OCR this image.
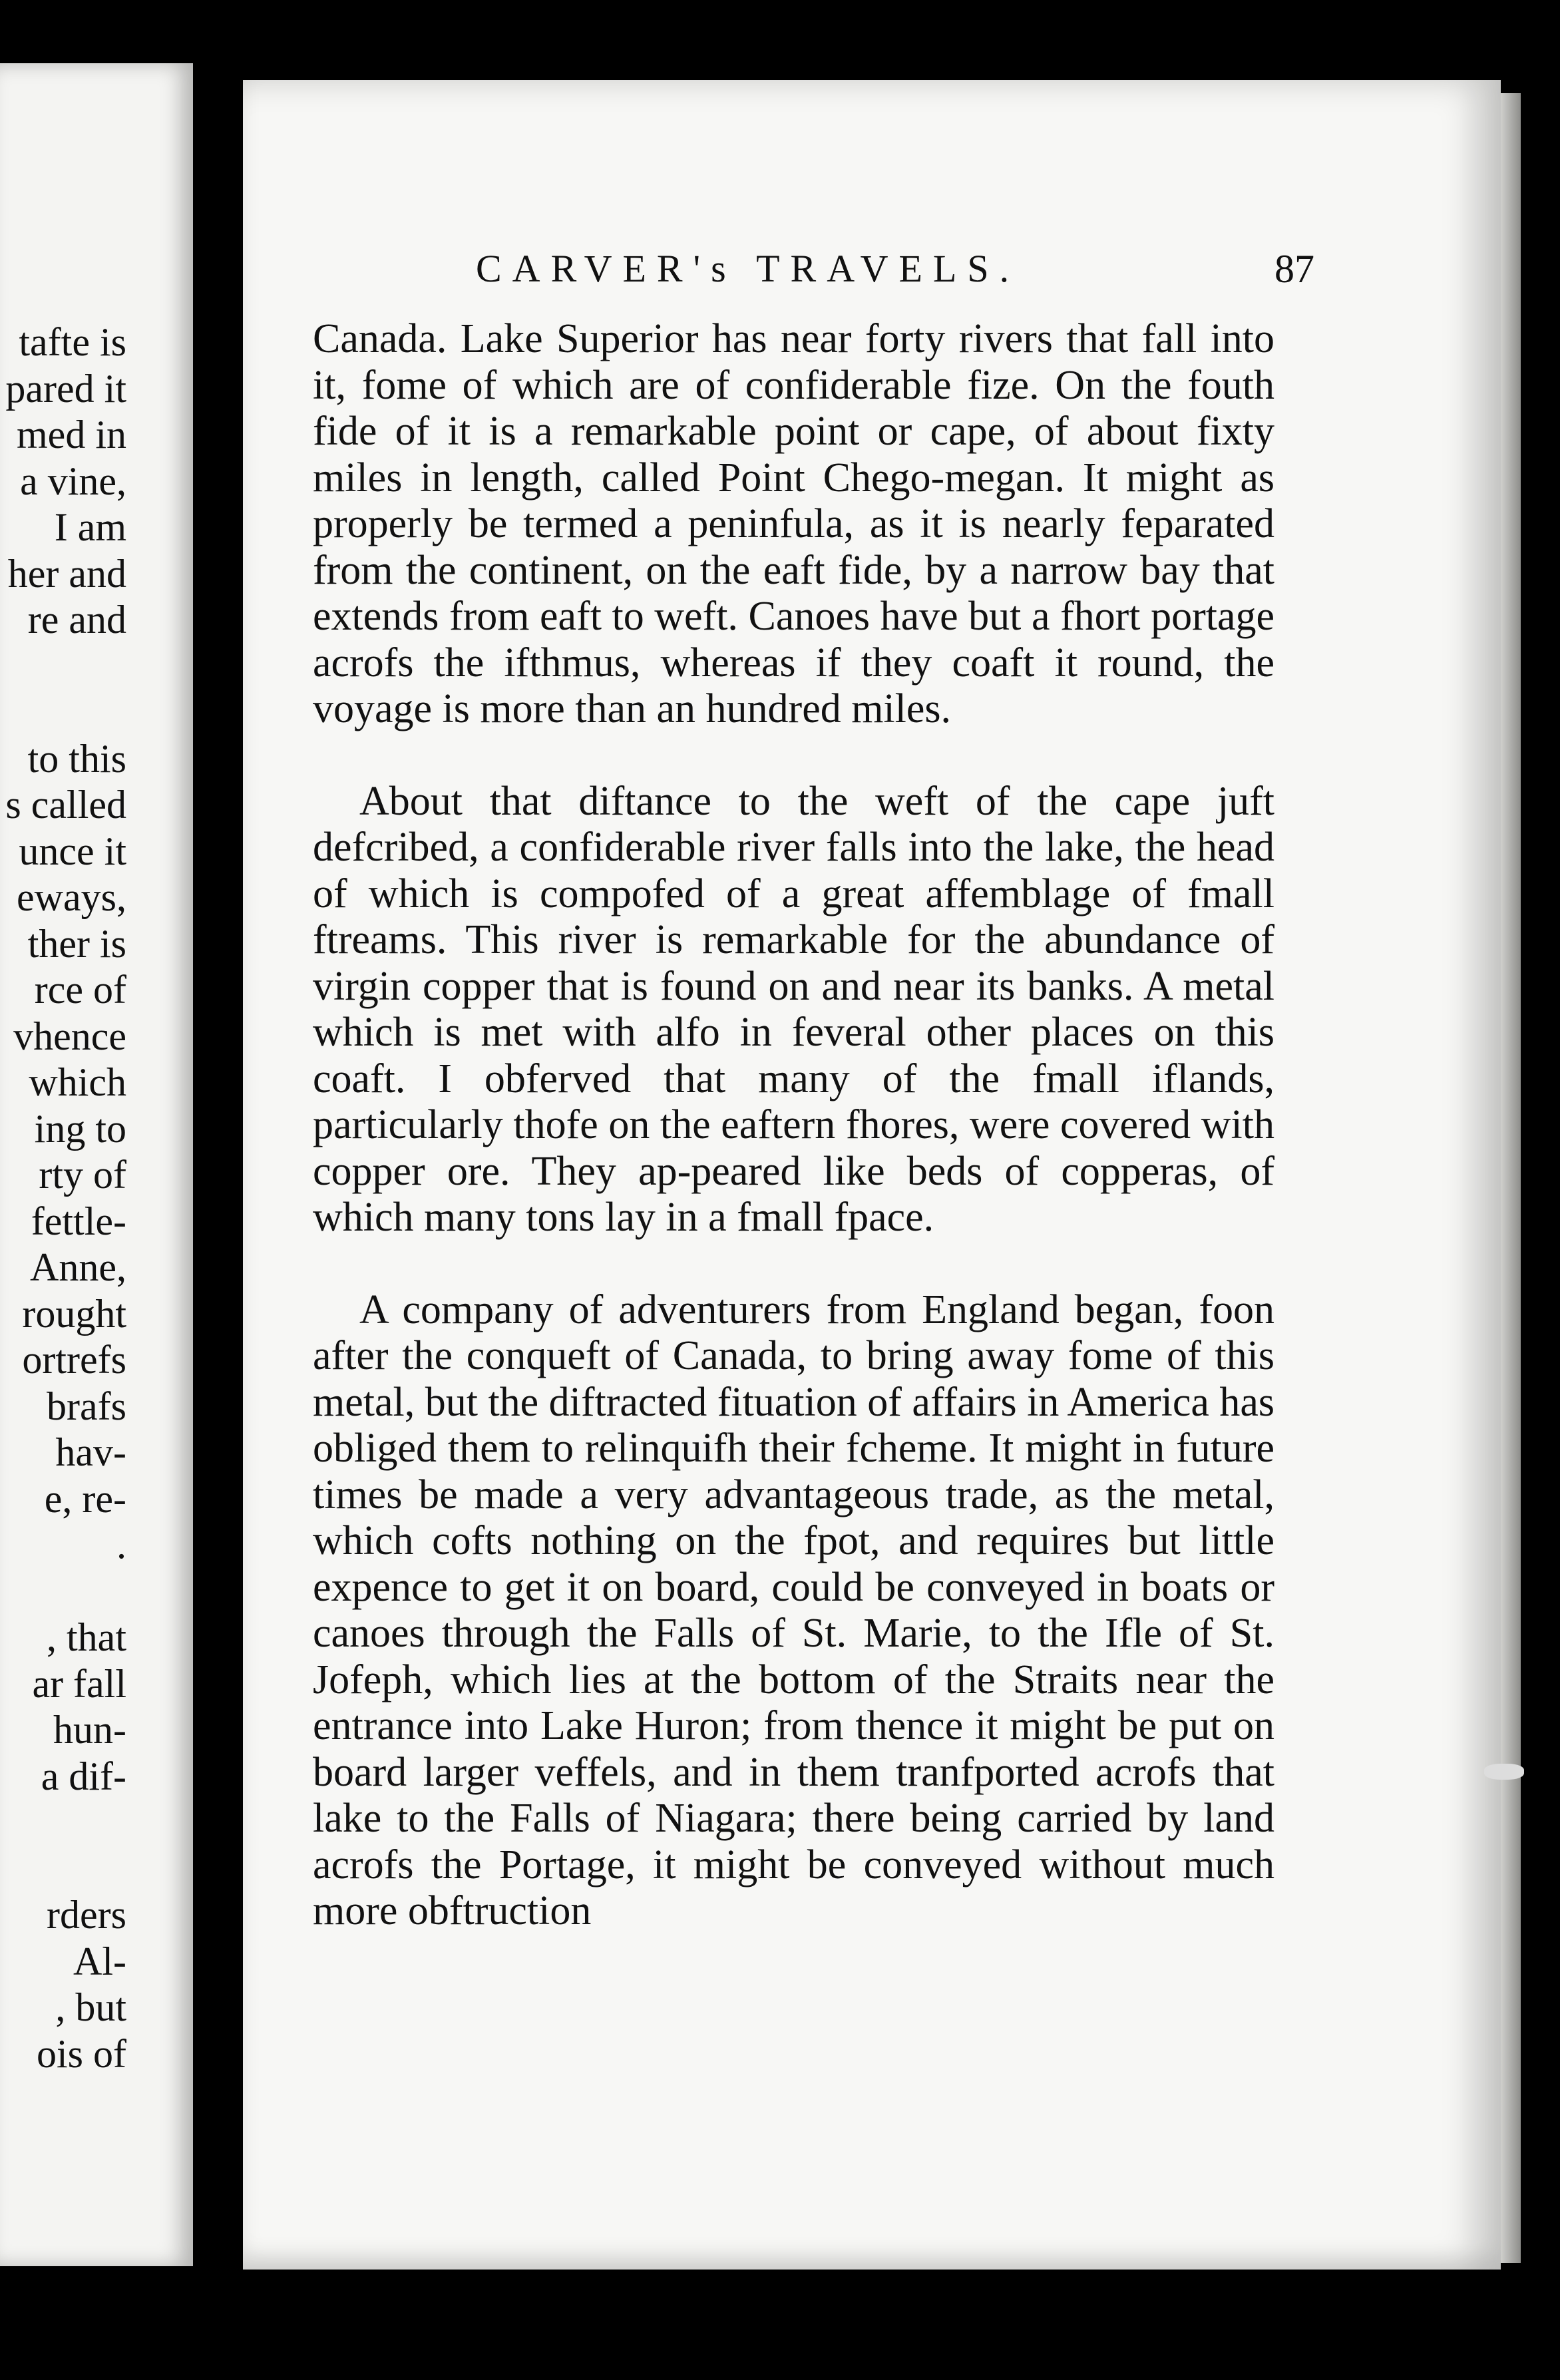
tafte is
pared it
med in
a vine,
I am
her and
re and
to this
s called
unce it
eways,
ther is
rce of
vhence
which
ing to
rty of
fettle-
Anne,
rought
ortrefs
brafs
hav-
e, re-
.
, that
ar fall
hun-
a dif-
rders
Al-
, but
ois of
CARVER's TRAVELS.	87

Canada. Lake Superior has near forty rivers that fall into it, fome of which are of confiderable fize. On the fouth fide of it is a remarkable point or cape, of about fixty miles in length, called Point Chego-megan. It might as properly be termed a peninfula, as it is nearly feparated from the continent, on the eaft fide, by a narrow bay that extends from eaft to weft. Canoes have but a fhort portage acrofs the ifthmus, whereas if they coaft it round, the voyage is more than an hundred miles.

About that diftance to the weft of the cape juft defcribed, a confiderable river falls into the lake, the head of which is compofed of a great affemblage of fmall ftreams. This river is remarkable for the abundance of virgin copper that is found on and near its banks. A metal which is met with alfo in feveral other places on this coaft. I obferved that many of the fmall iflands, particularly thofe on the eaftern fhores, were covered with copper ore. They ap-peared like beds of copperas, of which many tons lay in a fmall fpace.

A company of adventurers from England began, foon after the conqueft of Canada, to bring away fome of this metal, but the diftracted fituation of affairs in America has obliged them to relinquifh their fcheme. It might in future times be made a very advantageous trade, as the metal, which cofts nothing on the fpot, and requires but little expence to get it on board, could be conveyed in boats or canoes through the Falls of St. Marie, to the Ifle of St. Jofeph, which lies at the bottom of the Straits near the entrance into Lake Huron; from thence it might be put on board larger veffels, and in them tranfported acrofs that lake to the Falls of Niagara; there being carried by land acrofs the Portage, it might be conveyed without much more obftruction
